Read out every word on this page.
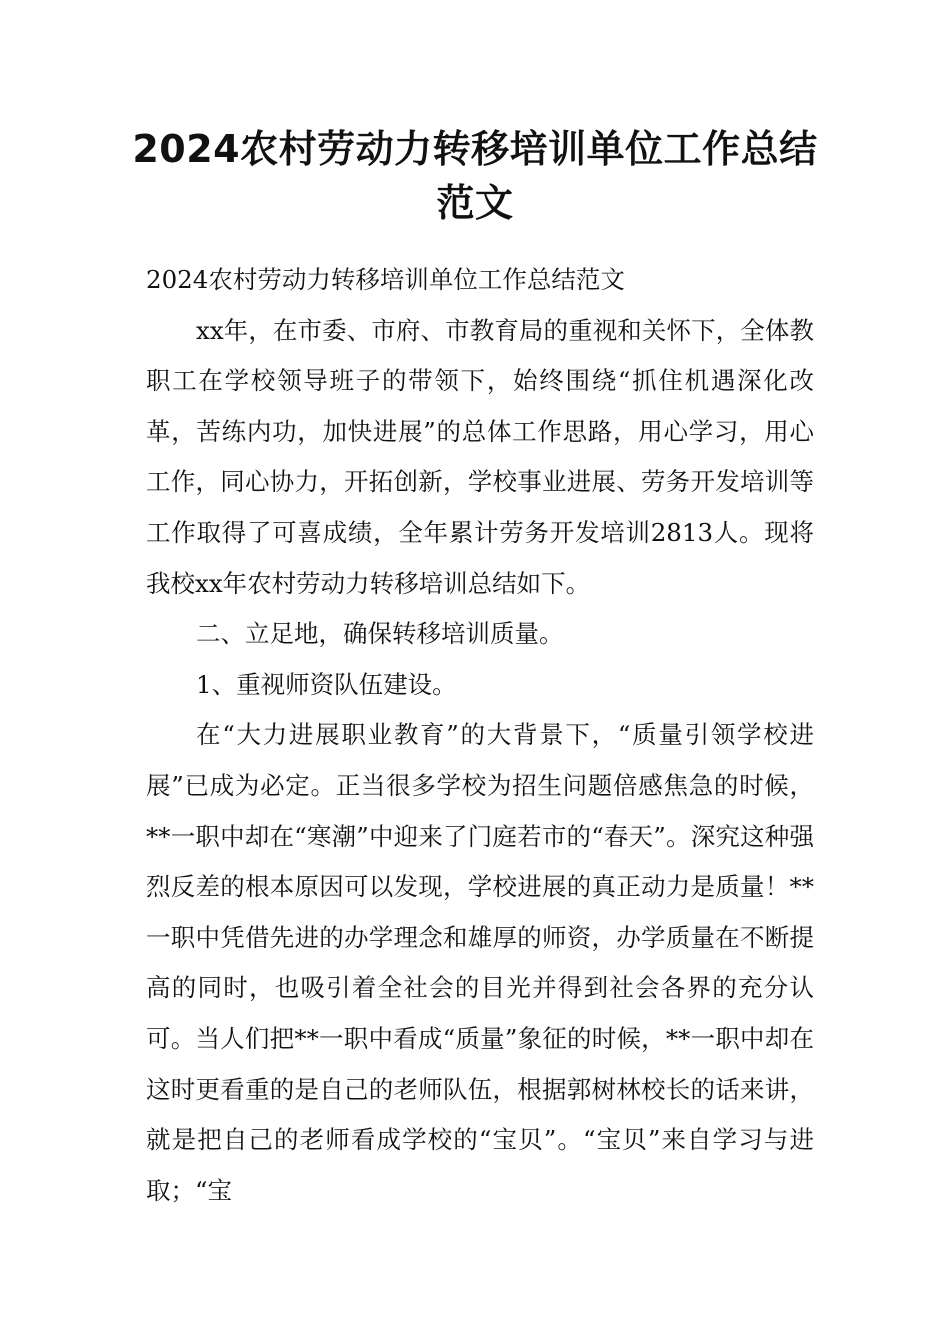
2024农村劳动力转移培训单位工作总结范文

2024农村劳动力转移培训单位工作总结范文

xx年，在市委、市府、市教育局的重视和关怀下，全体教职工在学校领导班子的带领下，始终围绕“抓住机遇深化改革，苦练内功，加快进展”的总体工作思路，用心学习，用心工作，同心协力，开拓创新，学校事业进展、劳务开发培训等工作取得了可喜成绩，全年累计劳务开发培训2813人。现将我校xx年农村劳动力转移培训总结如下。

二、立足地，确保转移培训质量。

1、重视师资队伍建设。

在“大力进展职业教育”的大背景下，“质量引领学校进展”已成为必定。正当很多学校为招生问题倍感焦急的时候，**一职中却在“寒潮”中迎来了门庭若市的“春天”。深究这种强烈反差的根本原因可以发现，学校进展的真正动力是质量！**一职中凭借先进的办学理念和雄厚的师资，办学质量在不断提高的同时，也吸引着全社会的目光并得到社会各界的充分认可。当人们把**一职中看成“质量”象征的时候，**一职中却在这时更看重的是自己的老师队伍，根据郭树林校长的话来讲，就是把自己的老师看成学校的“宝贝”。“宝贝”来自学习与进取；“宝
